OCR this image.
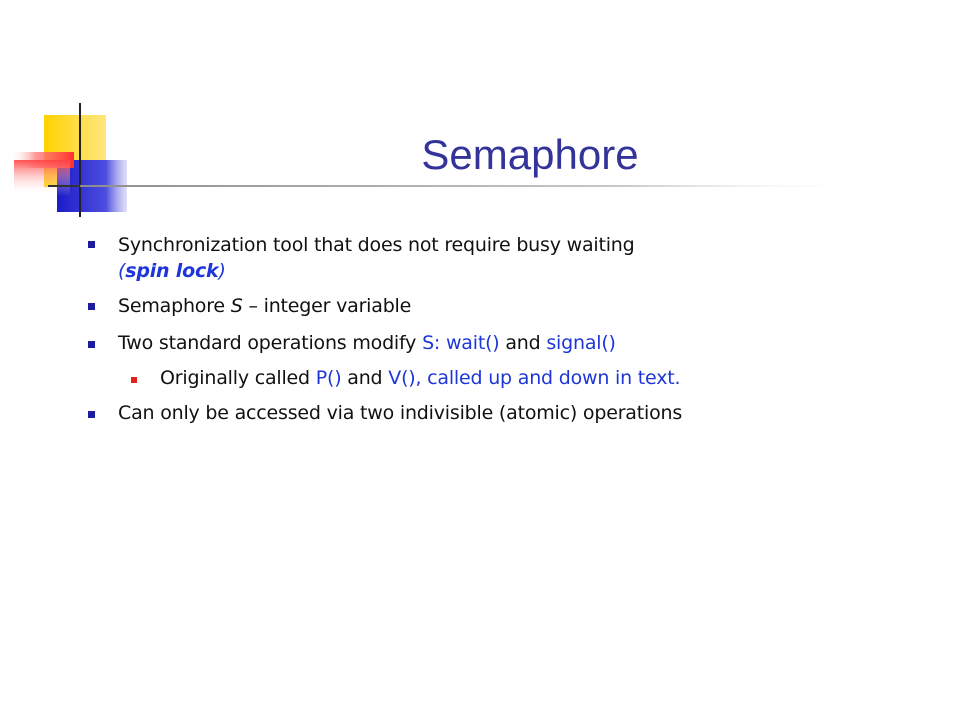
Semaphore
Synchronization tool that does not require busy waiting
(spin lock)
Semaphore S – integer variable
Two standard operations modify S: wait() and signal()
Originally called P() and V(), called up and down in text.
Can only be accessed via two indivisible (atomic) operations
